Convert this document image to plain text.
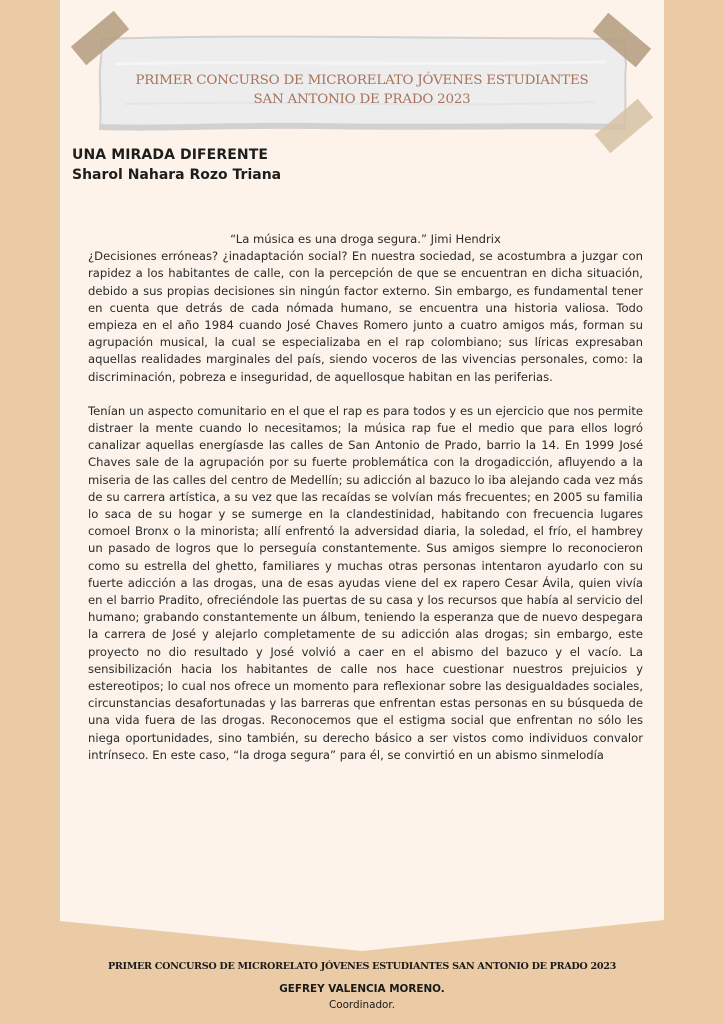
PRIMER CONCURSO DE MICRORELATO JÓVENES ESTUDIANTES
SAN ANTONIO DE PRADO 2023
UNA MIRADA DIFERENTE
Sharol Nahara Rozo Triana
“La música es una droga segura.” Jimi Hendrix
¿Decisiones erróneas? ¿inadaptación social? En nuestra sociedad, se acostumbra a juzgar con rapidez a los habitantes de calle, con la percepción de que se encuentran en dicha situación, debido a sus propias decisiones sin ningún factor externo. Sin embargo, es fundamental tener en cuenta que detrás de cada nómada humano, se encuentra una historia valiosa. Todo empieza en el año 1984 cuando José Chaves Romero junto a cuatro amigos más, forman su agrupación musical, la cual se especializaba en el rap colombiano; sus líricas expresaban aquellas realidades marginales del país, siendo voceros de las vivencias personales, como: la discriminación, pobreza e inseguridad, de aquellosque habitan en las periferias.
Tenían un aspecto comunitario en el que el rap es para todos y es un ejercicio que nos permite distraer la mente cuando lo necesitamos; la música rap fue el medio que para ellos logró canalizar aquellas energíasde las calles de San Antonio de Prado, barrio la 14. En 1999 José Chaves sale de la agrupación por su fuerte problemática con la drogadicción, afluyendo a la miseria de las calles del centro de Medellín; su adicción al bazuco lo iba alejando cada vez más de su carrera artística, a su vez que las recaídas se volvían más frecuentes; en 2005 su familia lo saca de su hogar y se sumerge en la clandestinidad, habitando con frecuencia lugares comoel Bronx o la minorista; allí enfrentó la adversidad diaria, la soledad, el frío, el hambrey un pasado de logros que lo perseguía constantemente. Sus amigos siempre lo reconocieron como su estrella del ghetto, familiares y muchas otras personas intentaron ayudarlo con su fuerte adicción a las drogas, una de esas ayudas viene del ex rapero Cesar Ávila, quien vivía en el barrio Pradito, ofreciéndole las puertas de su casa y los recursos que había al servicio del humano; grabando constantemente un álbum, teniendo la esperanza que de nuevo despegara la carrera de José y alejarlo completamente de su adicción alas drogas; sin embargo, este proyecto no dio resultado y José volvió a caer en el abismo del bazuco y el vacío. La sensibilización hacia los habitantes de calle nos hace cuestionar nuestros prejuicios y estereotipos; lo cual nos ofrece un momento para reflexionar sobre las desigualdades sociales, circunstancias desafortunadas y las barreras que enfrentan estas personas en su búsqueda de una vida fuera de las drogas. Reconocemos que el estigma social que enfrentan no sólo les niega oportunidades, sino también, su derecho básico a ser vistos como individuos convalor intrínseco. En este caso, “la droga segura” para él, se convirtió en un abismo sinmelodía
PRIMER CONCURSO DE MICRORELATO JÓVENES ESTUDIANTES SAN ANTONIO DE PRADO 2023
GEFREY VALENCIA MORENO.
Coordinador.
